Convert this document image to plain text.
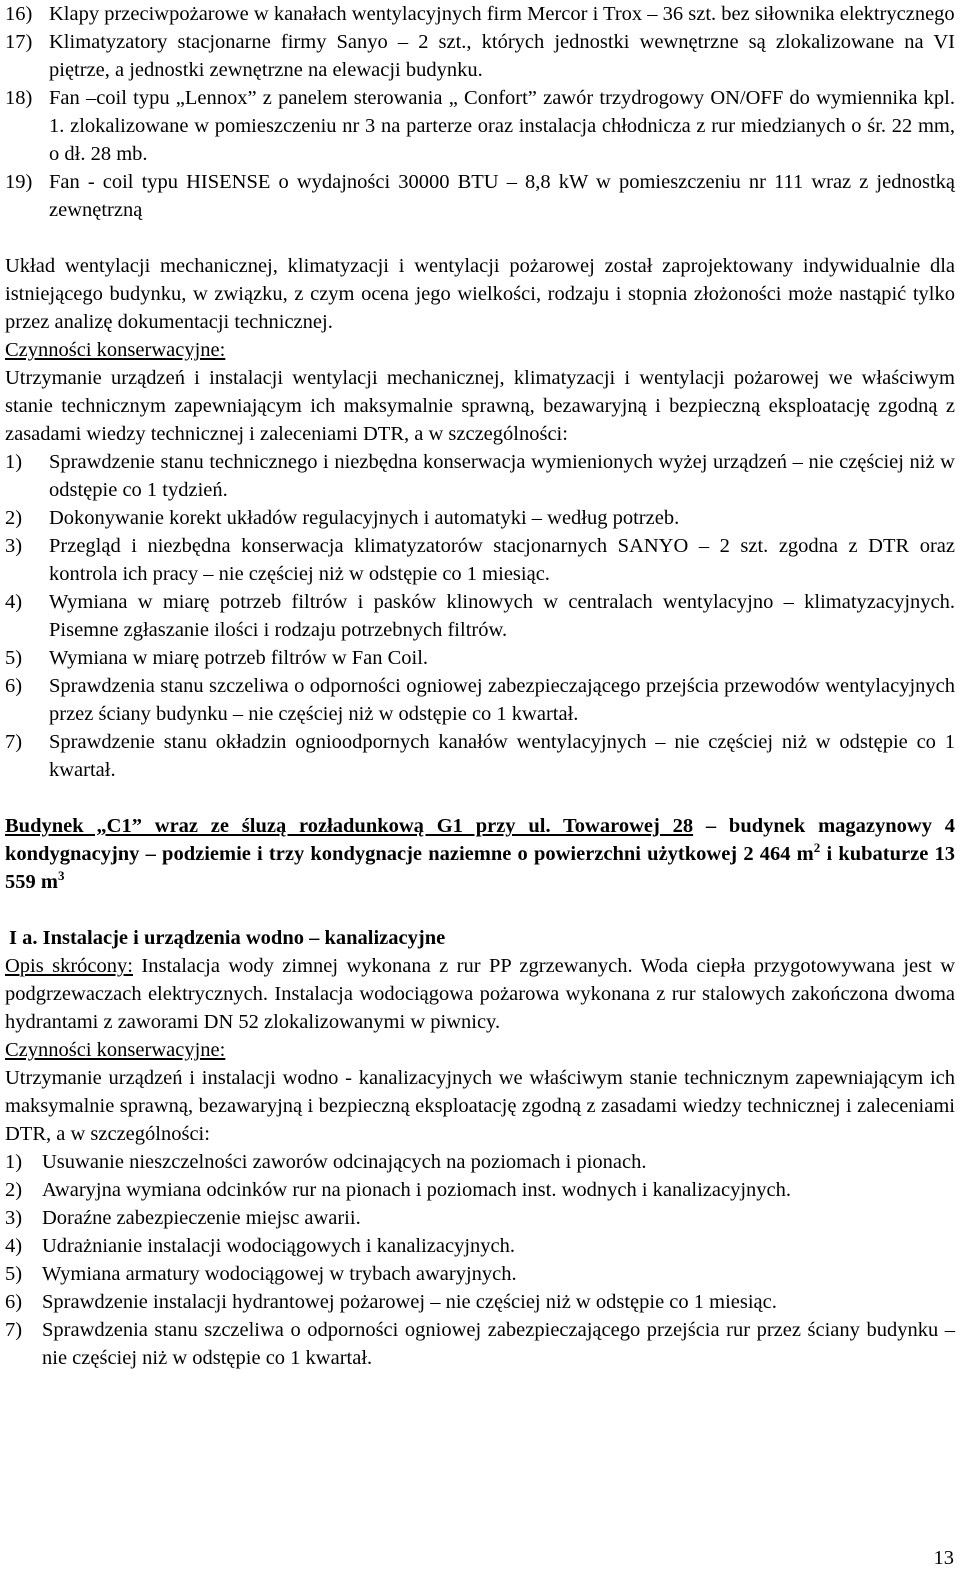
16) Klapy przeciwpożarowe w kanałach wentylacyjnych firm Mercor i Trox – 36 szt. bez siłownika elektrycznego
17) Klimatyzatory stacjonarne firmy Sanyo – 2 szt., których jednostki wewnętrzne są zlokalizowane na VI piętrze, a jednostki zewnętrzne na elewacji budynku.
18) Fan –coil typu „Lennox” z panelem sterowania „ Confort” zawór trzydrogowy ON/OFF do wymiennika kpl. 1. zlokalizowane w pomieszczeniu nr 3 na parterze oraz instalacja chłodnicza z rur miedzianych o śr. 22 mm, o dł. 28 mb.
19) Fan - coil typu HISENSE o wydajności 30000 BTU – 8,8 kW w pomieszczeniu nr 111 wraz z jednostką zewnętrzną
Układ wentylacji mechanicznej, klimatyzacji i wentylacji pożarowej został zaprojektowany indywidualnie dla istniejącego budynku, w związku, z czym ocena jego wielkości, rodzaju i stopnia złożoności może nastąpić tylko przez analizę dokumentacji technicznej.
Czynności konserwacyjne:
Utrzymanie urządzeń i instalacji wentylacji mechanicznej, klimatyzacji i wentylacji pożarowej we właściwym stanie technicznym zapewniającym ich maksymalnie sprawną, bezawaryjną i bezpieczną eksploatację zgodną z zasadami wiedzy technicznej i zaleceniami DTR, a w szczególności:
1) Sprawdzenie stanu technicznego i niezbędna konserwacja wymienionych wyżej urządzeń – nie częściej niż w odstępie co 1 tydzień.
2) Dokonywanie korekt układów regulacyjnych i automatyki – według potrzeb.
3) Przegląd i niezbędna konserwacja klimatyzatorów stacjonarnych SANYO – 2 szt. zgodna z DTR oraz kontrola ich pracy – nie częściej niż w odstępie co 1 miesiąc.
4) Wymiana w miarę potrzeb filtrów i pasków klinowych w centralach wentylacyjno – klimatyzacyjnych. Pisemne zgłaszanie ilości i rodzaju potrzebnych filtrów.
5) Wymiana w miarę potrzeb filtrów w Fan Coil.
6) Sprawdzenia stanu szczeliwa o odporności ogniowej zabezpieczającego przejścia przewodów wentylacyjnych przez ściany budynku – nie częściej niż w odstępie co 1 kwartał.
7) Sprawdzenie stanu okładzin ognioodpornych kanałów wentylacyjnych – nie częściej niż w odstępie co 1 kwartał.
Budynek „C1” wraz ze śluzą rozładunkową G1 przy ul. Towarowej 28 – budynek magazynowy 4 kondygnacyjny – podziemie i trzy kondygnacje naziemne o powierzchni użytkowej 2 464 $m^2$ i kubaturze 13 559 $m^3$
I a. Instalacje i urządzenia wodno – kanalizacyjne
Opis skrócony: Instalacja wody zimnej wykonana z rur PP zgrzewanych. Woda ciepła przygotowywana jest w podgrzewaczach elektrycznych. Instalacja wodociągowa pożarowa wykonana z rur stalowych zakończona dwoma hydrantami z zaworami DN 52 zlokalizowanymi w piwnicy.
Czynności konserwacyjne:
Utrzymanie urządzeń i instalacji wodno - kanalizacyjnych we właściwym stanie technicznym zapewniającym ich maksymalnie sprawną, bezawaryjną i bezpieczną eksploatację zgodną z zasadami wiedzy technicznej i zaleceniami DTR, a w szczególności:
1) Usuwanie nieszczelności zaworów odcinających na poziomach i pionach.
2) Awaryjna wymiana odcinków rur na pionach i poziomach inst. wodnych i kanalizacyjnych.
3) Doraźne zabezpieczenie miejsc awarii.
4) Udrażnianie instalacji wodociągowych i kanalizacyjnych.
5) Wymiana armatury wodociągowej w trybach awaryjnych.
6) Sprawdzenie instalacji hydrantowej pożarowej – nie częściej niż w odstępie co 1 miesiąc.
7) Sprawdzenia stanu szczeliwa o odporności ogniowej zabezpieczającego przejścia rur przez ściany budynku – nie częściej niż w odstępie co 1 kwartał.
13
